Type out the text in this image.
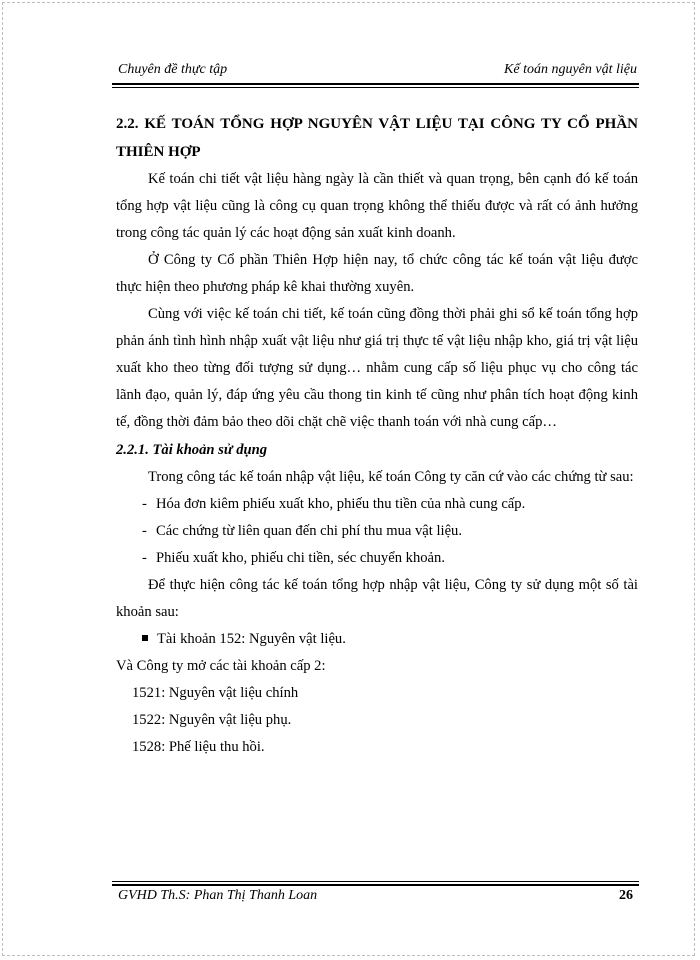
Chuyên đề thực tập	Kế toán nguyên vật liệu
2.2. KẾ TOÁN TỔNG HỢP NGUYÊN VẬT LIỆU TẠI CÔNG TY CỔ PHẦN THIÊN HỢP

Kế toán chi tiết vật liệu hàng ngày là cần thiết và quan trọng, bên cạnh đó kế toán tổng hợp vật liệu cũng là công cụ quan trọng không thể thiếu được và rất có ảnh hưởng trong công tác quản lý các hoạt động sản xuất kinh doanh.

Ở Công ty Cổ phần Thiên Hợp hiện nay, tổ chức công tác kế toán vật liệu được thực hiện theo phương pháp kê khai thường xuyên.

Cùng với việc kế toán chi tiết, kế toán cũng đồng thời phải ghi sổ kế toán tổng hợp phản ánh tình hình nhập xuất vật liệu như giá trị thực tế vật liệu nhập kho, giá trị vật liệu xuất kho theo từng đối tượng sử dụng… nhằm cung cấp số liệu phục vụ cho công tác lãnh đạo, quản lý, đáp ứng yêu cầu thong tin kinh tế cũng như phân tích hoạt động kinh tế, đồng thời đảm bảo theo dõi chặt chẽ việc thanh toán với nhà cung cấp…

2.2.1. Tài khoản sử dụng

Trong công tác kế toán nhập vật liệu, kế toán Công ty căn cứ vào các chứng từ sau:

- Hóa đơn kiêm phiếu xuất kho, phiếu thu tiền của nhà cung cấp.
- Các chứng từ liên quan đến chi phí thu mua vật liệu.
- Phiếu xuất kho, phiếu chi tiền, séc chuyển khoản.

Để thực hiện công tác kế toán tổng hợp nhập vật liệu, Công ty sử dụng một số tài khoản sau:

Tài khoản 152: Nguyên vật liệu.

Và Công ty mở các tài khoản cấp 2:

1521: Nguyên vật liệu chính
1522: Nguyên vật liệu phụ.
1528: Phế liệu thu hồi.
GVHD Th.S: Phan Thị Thanh Loan	26
